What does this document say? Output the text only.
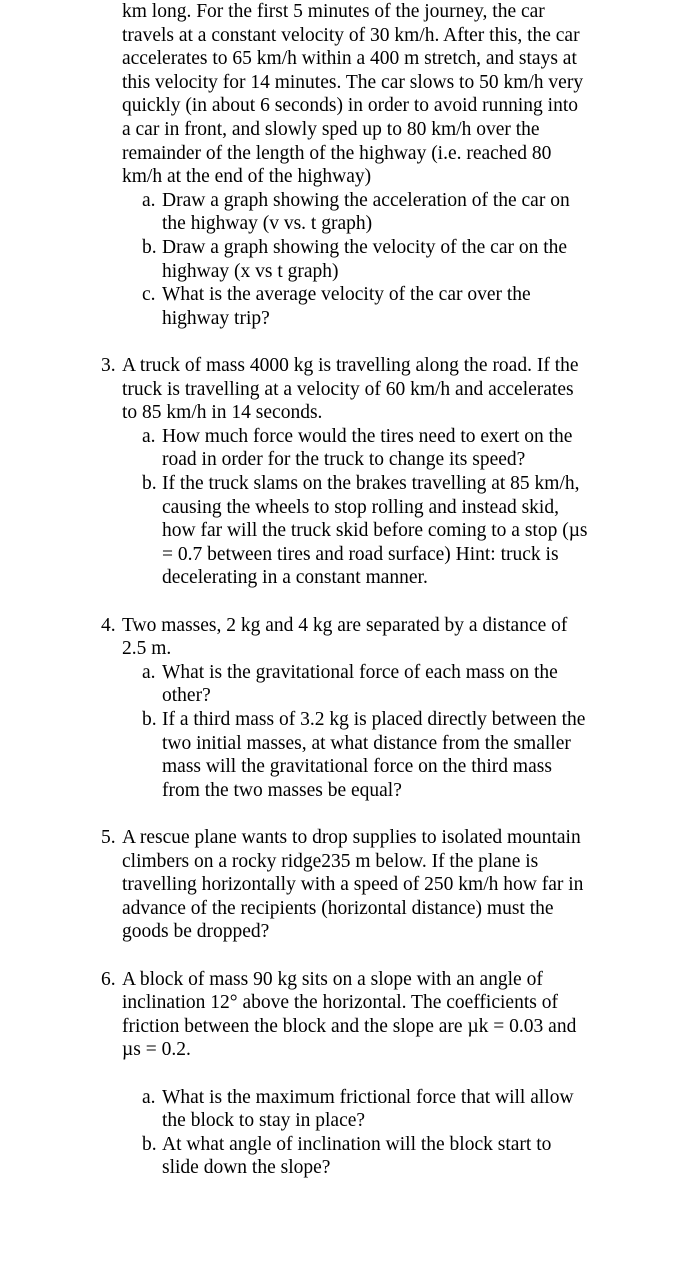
km long. For the first 5 minutes of the journey, the car
travels at a constant velocity of 30 km/h. After this, the car
accelerates to 65 km/h within a 400 m stretch, and stays at
this velocity for 14 minutes. The car slows to 50 km/h very
quickly (in about 6 seconds) in order to avoid running into
a car in front, and slowly sped up to 80 km/h over the
remainder of the length of the highway (i.e. reached 80
km/h at the end of the highway)
a. Draw a graph showing the acceleration of the car on
the highway (v vs. t graph)
b. Draw a graph showing the velocity of the car on the
highway (x vs t graph)
c. What is the average velocity of the car over the
highway trip?
3. A truck of mass 4000 kg is travelling along the road. If the
truck is travelling at a velocity of 60 km/h and accelerates
to 85 km/h in 14 seconds.
a. How much force would the tires need to exert on the
road in order for the truck to change its speed?
b. If the truck slams on the brakes travelling at 85 km/h,
causing the wheels to stop rolling and instead skid,
how far will the truck skid before coming to a stop (µs
= 0.7 between tires and road surface) Hint: truck is
decelerating in a constant manner.
4. Two masses, 2 kg and 4 kg are separated by a distance of
2.5 m.
a. What is the gravitational force of each mass on the
other?
b. If a third mass of 3.2 kg is placed directly between the
two initial masses, at what distance from the smaller
mass will the gravitational force on the third mass
from the two masses be equal?
5. A rescue plane wants to drop supplies to isolated mountain
climbers on a rocky ridge235 m below. If the plane is
travelling horizontally with a speed of 250 km/h how far in
advance of the recipients (horizontal distance) must the
goods be dropped?
6. A block of mass 90 kg sits on a slope with an angle of
inclination 12° above the horizontal. The coefficients of
friction between the block and the slope are µk = 0.03 and
µs = 0.2.
a. What is the maximum frictional force that will allow
the block to stay in place?
b. At what angle of inclination will the block start to
slide down the slope?
